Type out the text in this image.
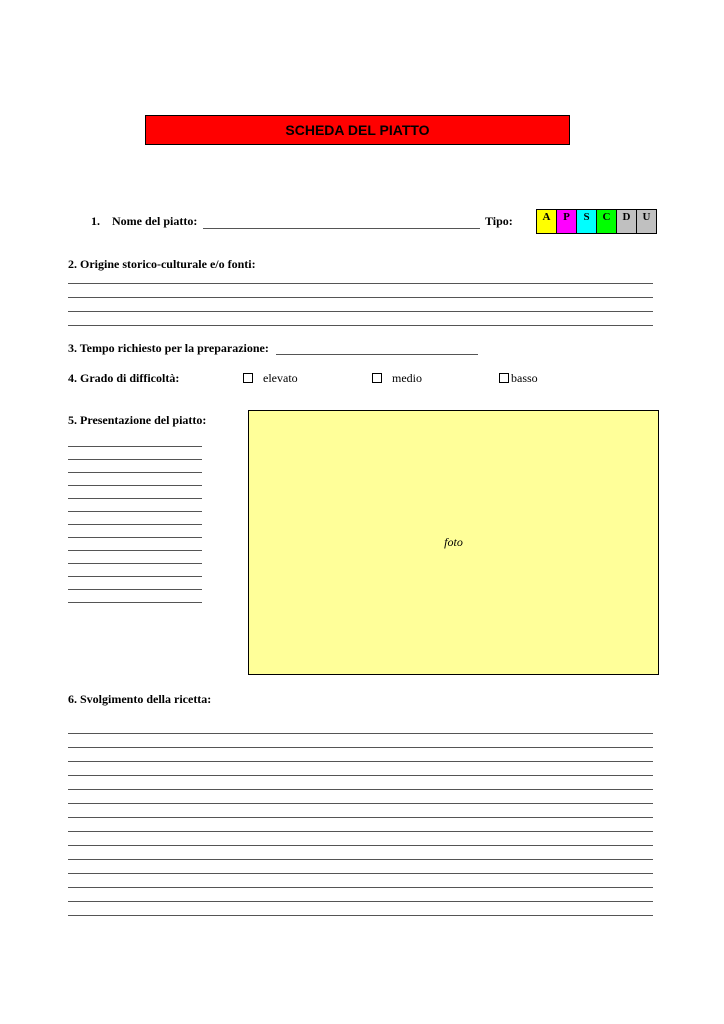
SCHEDA DEL PIATTO
1. Nome del piatto:	Tipo:	A	P	S	C	D	U
2. Origine storico-culturale e/o fonti:
3. Tempo richiesto per la preparazione:
4. Grado di difficoltà:	elevato	medio	basso
5. Presentazione del piatto:
foto
6. Svolgimento della ricetta:
